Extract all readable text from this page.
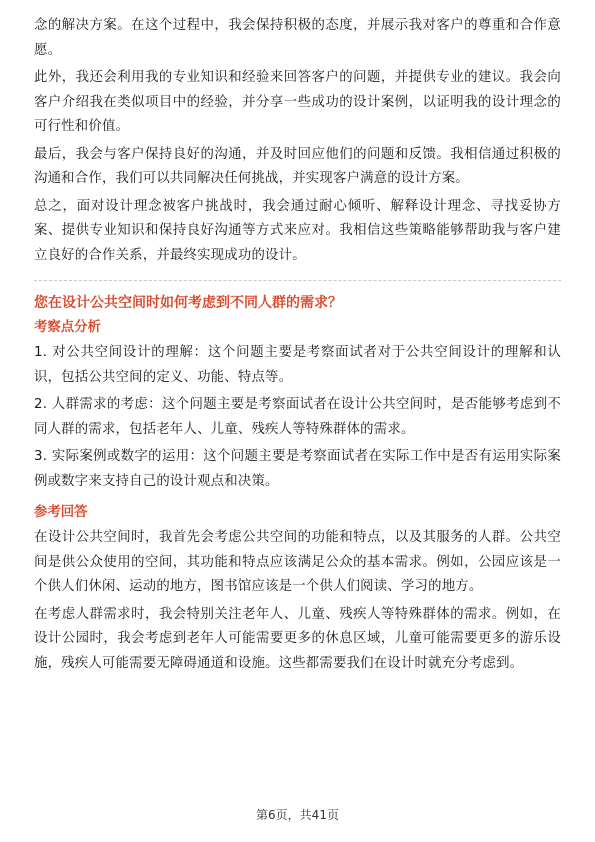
念的解决方案。在这个过程中，我会保持积极的态度，并展示我对客户的尊重和合作意愿。

此外，我还会利用我的专业知识和经验来回答客户的问题，并提供专业的建议。我会向客户介绍我在类似项目中的经验，并分享一些成功的设计案例，以证明我的设计理念的可行性和价值。

最后，我会与客户保持良好的沟通，并及时回应他们的问题和反馈。我相信通过积极的沟通和合作，我们可以共同解决任何挑战，并实现客户满意的设计方案。

总之，面对设计理念被客户挑战时，我会通过耐心倾听、解释设计理念、寻找妥协方案、提供专业知识和保持良好沟通等方式来应对。我相信这些策略能够帮助我与客户建立良好的合作关系，并最终实现成功的设计。

您在设计公共空间时如何考虑到不同人群的需求？
考察点分析

1. 对公共空间设计的理解：这个问题主要是考察面试者对于公共空间设计的理解和认识，包括公共空间的定义、功能、特点等。

2. 人群需求的考虑：这个问题主要是考察面试者在设计公共空间时，是否能够考虑到不同人群的需求，包括老年人、儿童、残疾人等特殊群体的需求。

3. 实际案例或数字的运用：这个问题主要是考察面试者在实际工作中是否有运用实际案例或数字来支持自己的设计观点和决策。

参考回答

在设计公共空间时，我首先会考虑公共空间的功能和特点，以及其服务的人群。公共空间是供公众使用的空间，其功能和特点应该满足公众的基本需求。例如，公园应该是一个供人们休闲、运动的地方，图书馆应该是一个供人们阅读、学习的地方。

在考虑人群需求时，我会特别关注老年人、儿童、残疾人等特殊群体的需求。例如，在设计公园时，我会考虑到老年人可能需要更多的休息区域，儿童可能需要更多的游乐设施，残疾人可能需要无障碍通道和设施。这些都需要我们在设计时就充分考虑到。

第6页，共41页
